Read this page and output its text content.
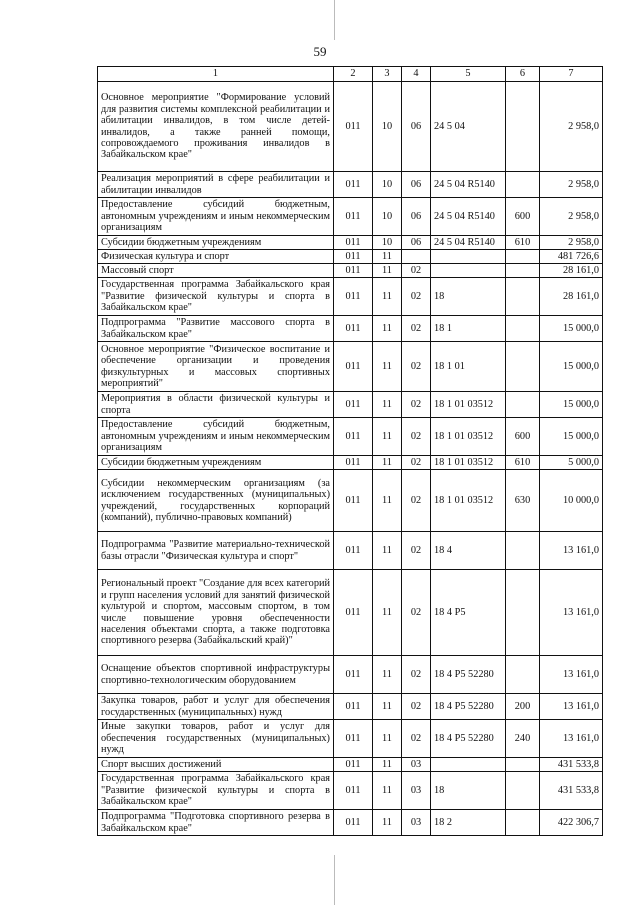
59
1	2	3	4	5	6	7
Основное мероприятие "Формирование условий для развития системы комплексной реабилитации и абилитации инвалидов, в том числе детей-инвалидов, а также ранней помощи, сопровождаемого проживания инвалидов в Забайкальском крае"	011	10	06	24 5 04		2 958,0
Реализация мероприятий в сфере реабилитации и абилитации инвалидов	011	10	06	24 5 04 R5140		2 958,0
Предоставление субсидий бюджетным, автономным учреждениям и иным некоммерческим организациям	011	10	06	24 5 04 R5140	600	2 958,0
Субсидии бюджетным учреждениям	011	10	06	24 5 04 R5140	610	2 958,0
Физическая культура и спорт	011	11				481 726,6
Массовый спорт	011	11	02			28 161,0
Государственная программа Забайкальского края "Развитие физической культуры и спорта в Забайкальском крае"	011	11	02	18		28 161,0
Подпрограмма "Развитие массового спорта в Забайкальском крае"	011	11	02	18 1		15 000,0
Основное мероприятие "Физическое воспитание и обеспечение организации и проведения физкультурных и массовых спортивных мероприятий"	011	11	02	18 1 01		15 000,0
Мероприятия в области физической культуры и спорта	011	11	02	18 1 01 03512		15 000,0
Предоставление субсидий бюджетным, автономным учреждениям и иным некоммерческим организациям	011	11	02	18 1 01 03512	600	15 000,0
Субсидии бюджетным учреждениям	011	11	02	18 1 01 03512	610	5 000,0
Субсидии некоммерческим организациям (за исключением государственных (муниципальных) учреждений, государственных корпораций (компаний), публично-правовых компаний)	011	11	02	18 1 01 03512	630	10 000,0
Подпрограмма "Развитие материально-технической базы отрасли "Физическая культура и спорт"	011	11	02	18 4		13 161,0
Региональный проект "Создание для всех категорий и групп населения условий для занятий физической культурой и спортом, массовым спортом, в том числе повышение уровня обеспеченности населения объектами спорта, а также подготовка спортивного резерва (Забайкальский край)"	011	11	02	18 4 P5		13 161,0
Оснащение объектов спортивной инфраструктуры спортивно-технологическим оборудованием	011	11	02	18 4 P5 52280		13 161,0
Закупка товаров, работ и услуг для обеспечения государственных (муниципальных) нужд	011	11	02	18 4 P5 52280	200	13 161,0
Иные закупки товаров, работ и услуг для обеспечения государственных (муниципальных) нужд	011	11	02	18 4 P5 52280	240	13 161,0
Спорт высших достижений	011	11	03			431 533,8
Государственная программа Забайкальского края "Развитие физической культуры и спорта в Забайкальском крае"	011	11	03	18		431 533,8
Подпрограмма "Подготовка спортивного резерва в Забайкальском крае"	011	11	03	18 2		422 306,7
